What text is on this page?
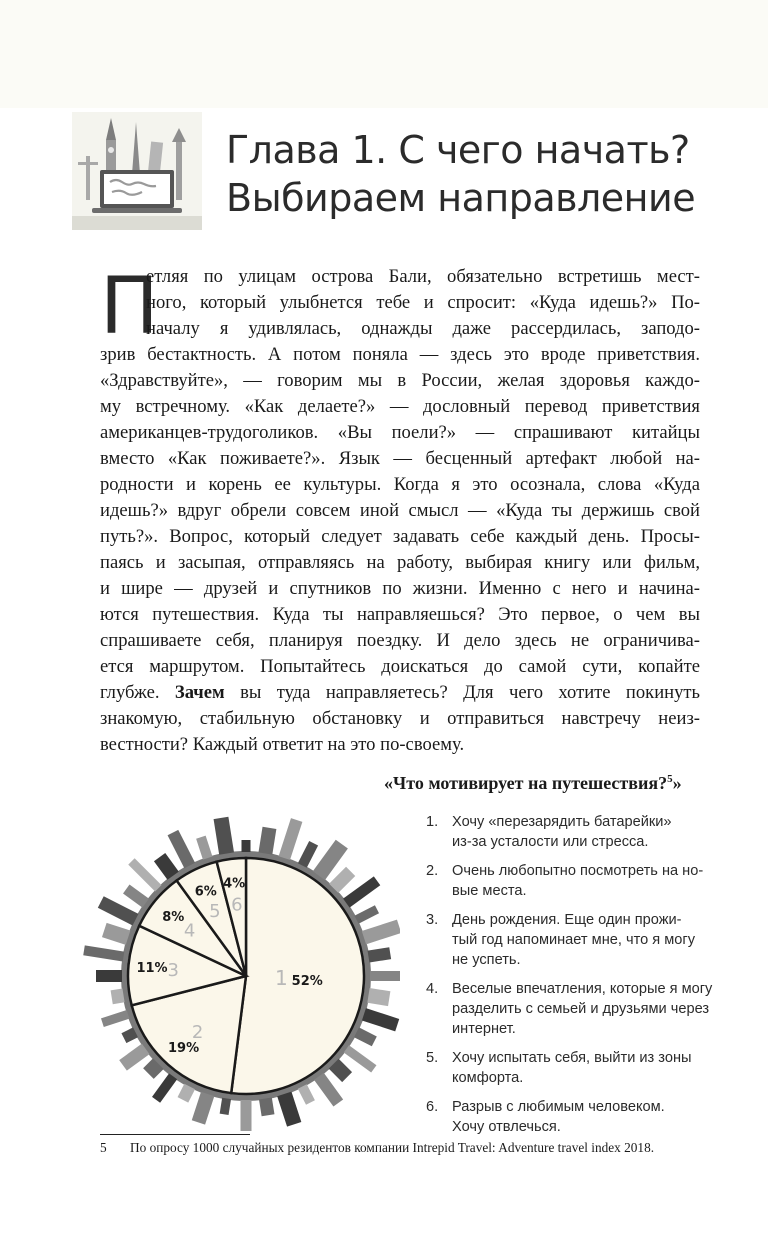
Глава 1. С чего начать?
Выбираем направление
П
етляя по улицам острова Бали, обязательно встретишь мест-
ного, который улыбнется тебе и спросит: «Куда идешь?» По-
началу я удивлялась, однажды даже рассердилась, заподо-
зрив бестактность. А потом поняла — здесь это вроде приветствия.
«Здравствуйте», — говорим мы в России, желая здоровья каждо-
му встречному. «Как делаете?» — дословный перевод приветствия
американцев-трудоголиков. «Вы поели?» — спрашивают китайцы
вместо «Как поживаете?». Язык — бесценный артефакт любой на-
родности и корень ее культуры. Когда я это осознала, слова «Куда
идешь?» вдруг обрели совсем иной смысл — «Куда ты держишь свой
путь?». Вопрос, который следует задавать себе каждый день. Просы-
паясь и засыпая, отправляясь на работу, выбирая книгу или фильм,
и шире — друзей и спутников по жизни. Именно с него и начина-
ются путешествия. Куда ты направляешься? Это первое, о чем вы
спрашиваете себя, планируя поездку. И дело здесь не ограничива-
ется маршрутом. Попытайтесь доискаться до самой сути, копайте
глубже. Зачем вы туда направляетесь? Для чего хотите покинуть
знакомую, стабильную обстановку и отправиться навстречу неиз-
вестности? Каждый ответит на это по-своему.
«Что мотивирует на путешествия?$^5$»
1 52%
2
19%
3
11%
4
8% 5
6%
6
4%
1. Хочу «перезарядить батарейки»
из-за усталости или стресса.
2. Очень любопытно посмотреть на но-
вые места.
3. День рождения. Еще один прожи-
тый год напоминает мне, что я могу
не успеть.
4. Веселые впечатления, которые я могу
разделить с семьей и друзьями через
интернет.
5. Хочу испытать себя, выйти из зоны
комфорта.
6. Разрыв с любимым человеком.
Хочу отвлечься.
5 По опросу 1000 случайных резидентов компании Intrepid Travel: Adventure travel index 2018.
